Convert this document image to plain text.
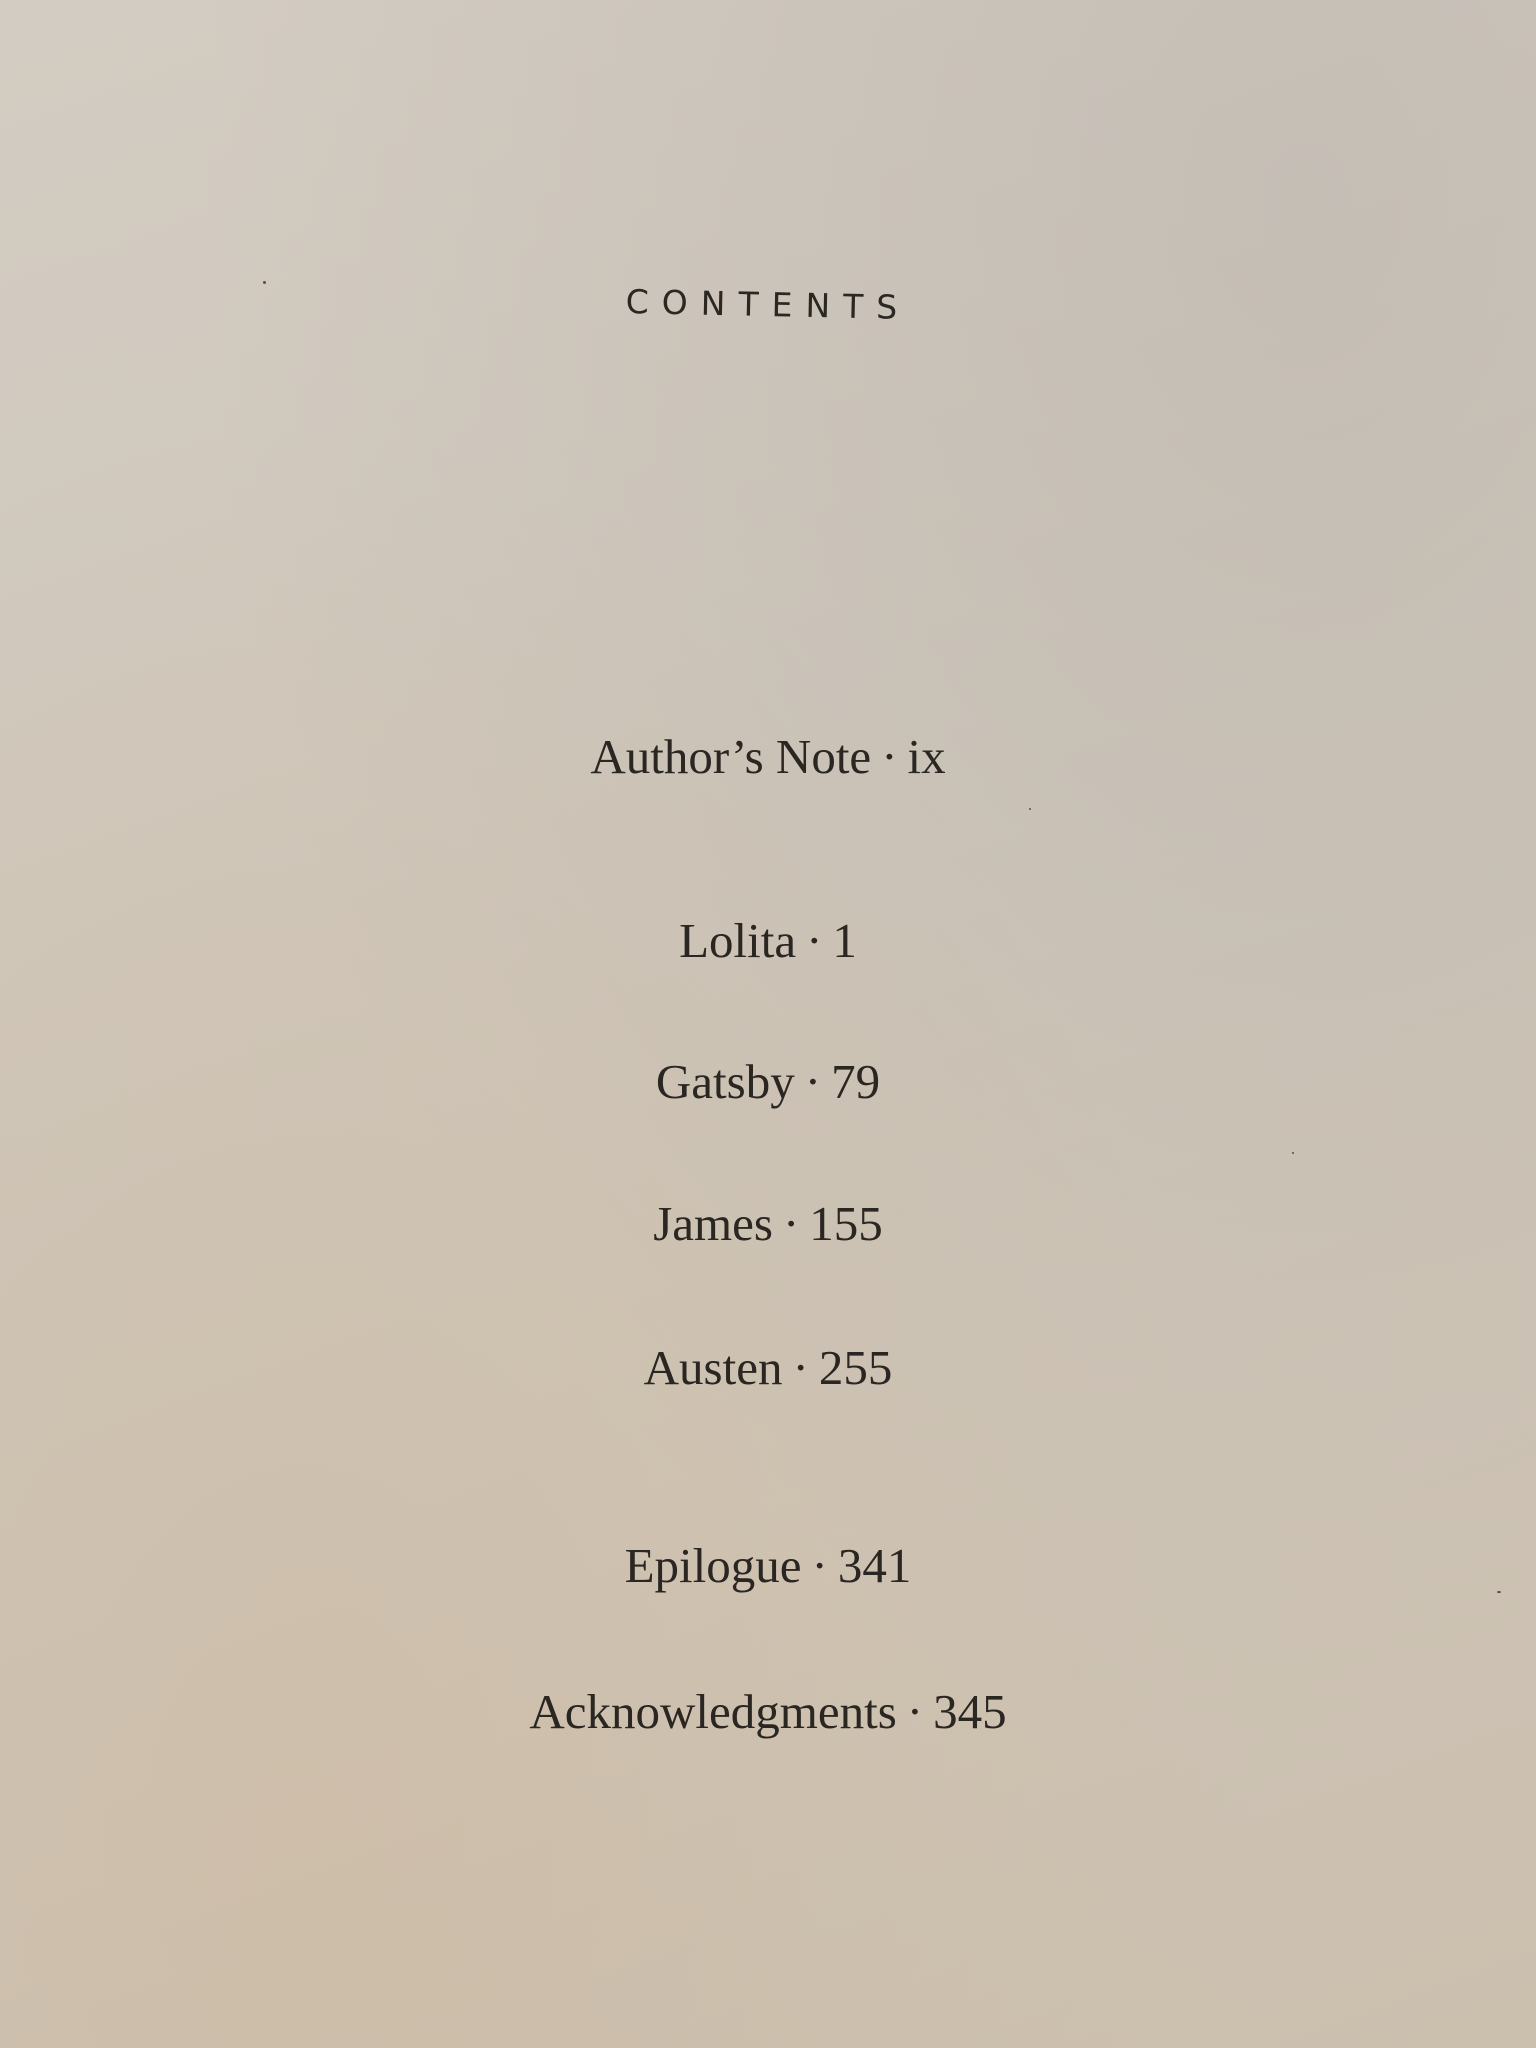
CONTENTS
Author’s Note · ix
Lolita · 1
Gatsby · 79
James · 155
Austen · 255
Epilogue · 341
Acknowledgments · 345
